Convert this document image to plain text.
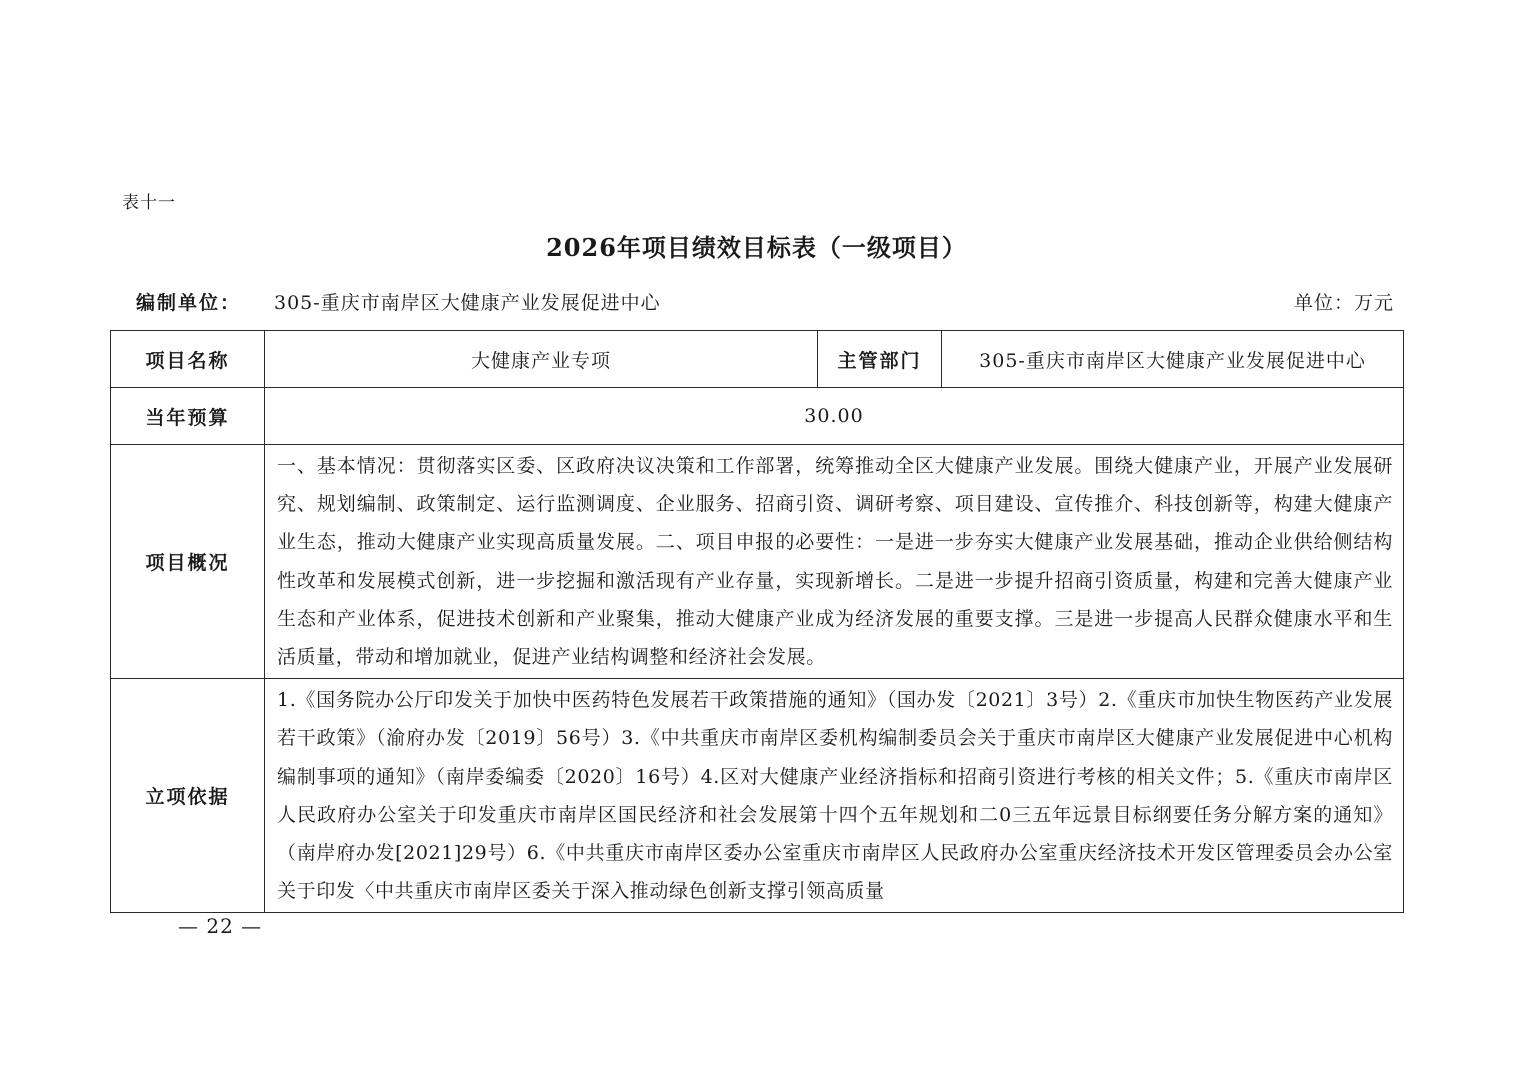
表十一
2026年项目绩效目标表（一级项目）
编制单位： 305-重庆市南岸区大健康产业发展促进中心	单位：万元
项目名称	大健康产业专项	主管部门	305-重庆市南岸区大健康产业发展促进中心
当年预算	30.00		
项目概况	一、基本情况：贯彻落实区委、区政府决议决策和工作部署，统筹推动全区大健康产业发展。围绕大健康产业，开展产业发展研究、规划编制、政策制定、运行监测调度、企业服务、招商引资、调研考察、项目建设、宣传推介、科技创新等，构建大健康产业生态，推动大健康产业实现高质量发展。二、项目申报的必要性：一是进一步夯实大健康产业发展基础，推动企业供给侧结构性改革和发展模式创新，进一步挖掘和激活现有产业存量，实现新增长。二是进一步提升招商引资质量，构建和完善大健康产业生态和产业体系，促进技术创新和产业聚集，推动大健康产业成为经济发展的重要支撑。三是进一步提高人民群众健康水平和生活质量，带动和增加就业，促进产业结构调整和经济社会发展。		
立项依据	1.《国务院办公厅印发关于加快中医药特色发展若干政策措施的通知》（国办发〔2021〕3号）2.《重庆市加快生物医药产业发展若干政策》（渝府办发〔2019〕56号）3.《中共重庆市南岸区委机构编制委员会关于重庆市南岸区大健康产业发展促进中心机构编制事项的通知》（南岸委编委〔2020〕16号）4.区对大健康产业经济指标和招商引资进行考核的相关文件；5.《重庆市南岸区人民政府办公室关于印发重庆市南岸区国民经济和社会发展第十四个五年规划和二0三五年远景目标纲要任务分解方案的通知》（南岸府办发[2021]29号）6.《中共重庆市南岸区委办公室重庆市南岸区人民政府办公室重庆经济技术开发区管理委员会办公室关于印发〈中共重庆市南岸区委关于深入推动绿色创新支撑引领高质量		
— 22 —
